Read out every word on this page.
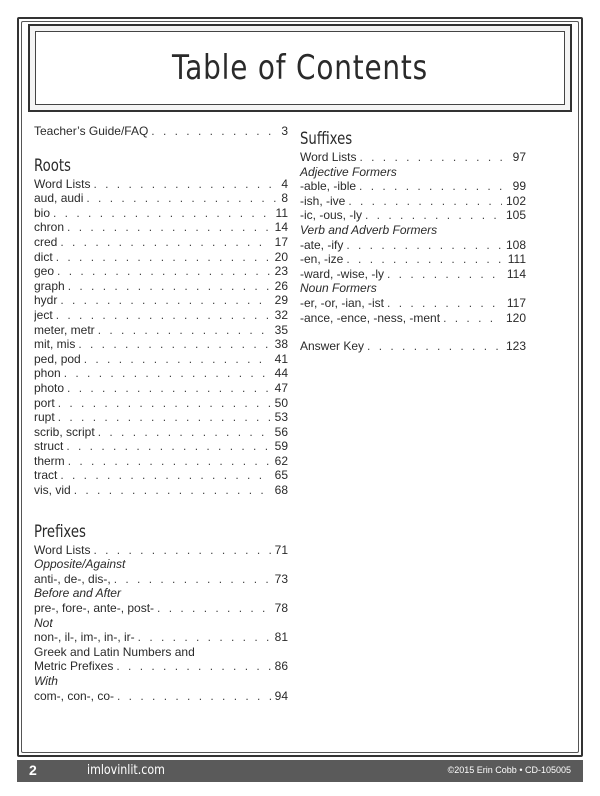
Table of Contents
Teacher’s Guide/FAQ . . .	3
Roots
Word Lists . . .	4
aud, audi . . .	8
bio . . .	11
chron . . .	14
cred . . .	17
dict . . .	20
geo . . .	23
graph . . .	26
hydr . . .	29
ject . . .	32
meter, metr . . .	35
mit, mis . . .	38
ped, pod . . .	41
phon . . .	44
photo . . .	47
port . . .	50
rupt . . .	53
scrib, script . . .	56
struct . . .	59
therm . . .	62
tract . . .	65
vis, vid . . .	68
Prefixes
Word Lists . . .	71
Opposite/Against
anti-, de-, dis-, . . .	73
Before and After
pre-, fore-, ante-, post- . . .	78
Not
non-, il-, im-, in-, ir- . . .	81
Greek and Latin Numbers and
Metric Prefixes . . .	86
With
com-, con-, co- . . .	94
Suffixes
Word Lists . . .	97
Adjective Formers
-able, -ible . . .	99
-ish, -ive . . .	102
-ic, -ous, -ly . . .	105
Verb and Adverb Formers
-ate, -ify . . .	108
-en, -ize . . .	111
-ward, -wise, -ly . . .	114
Noun Formers
-er, -or, -ian, -ist . . .	117
-ance, -ence, -ness, -ment . . .	120
Answer Key . . .	123
2	imlovinlit.com	©2015 Erin Cobb • CD-105005
